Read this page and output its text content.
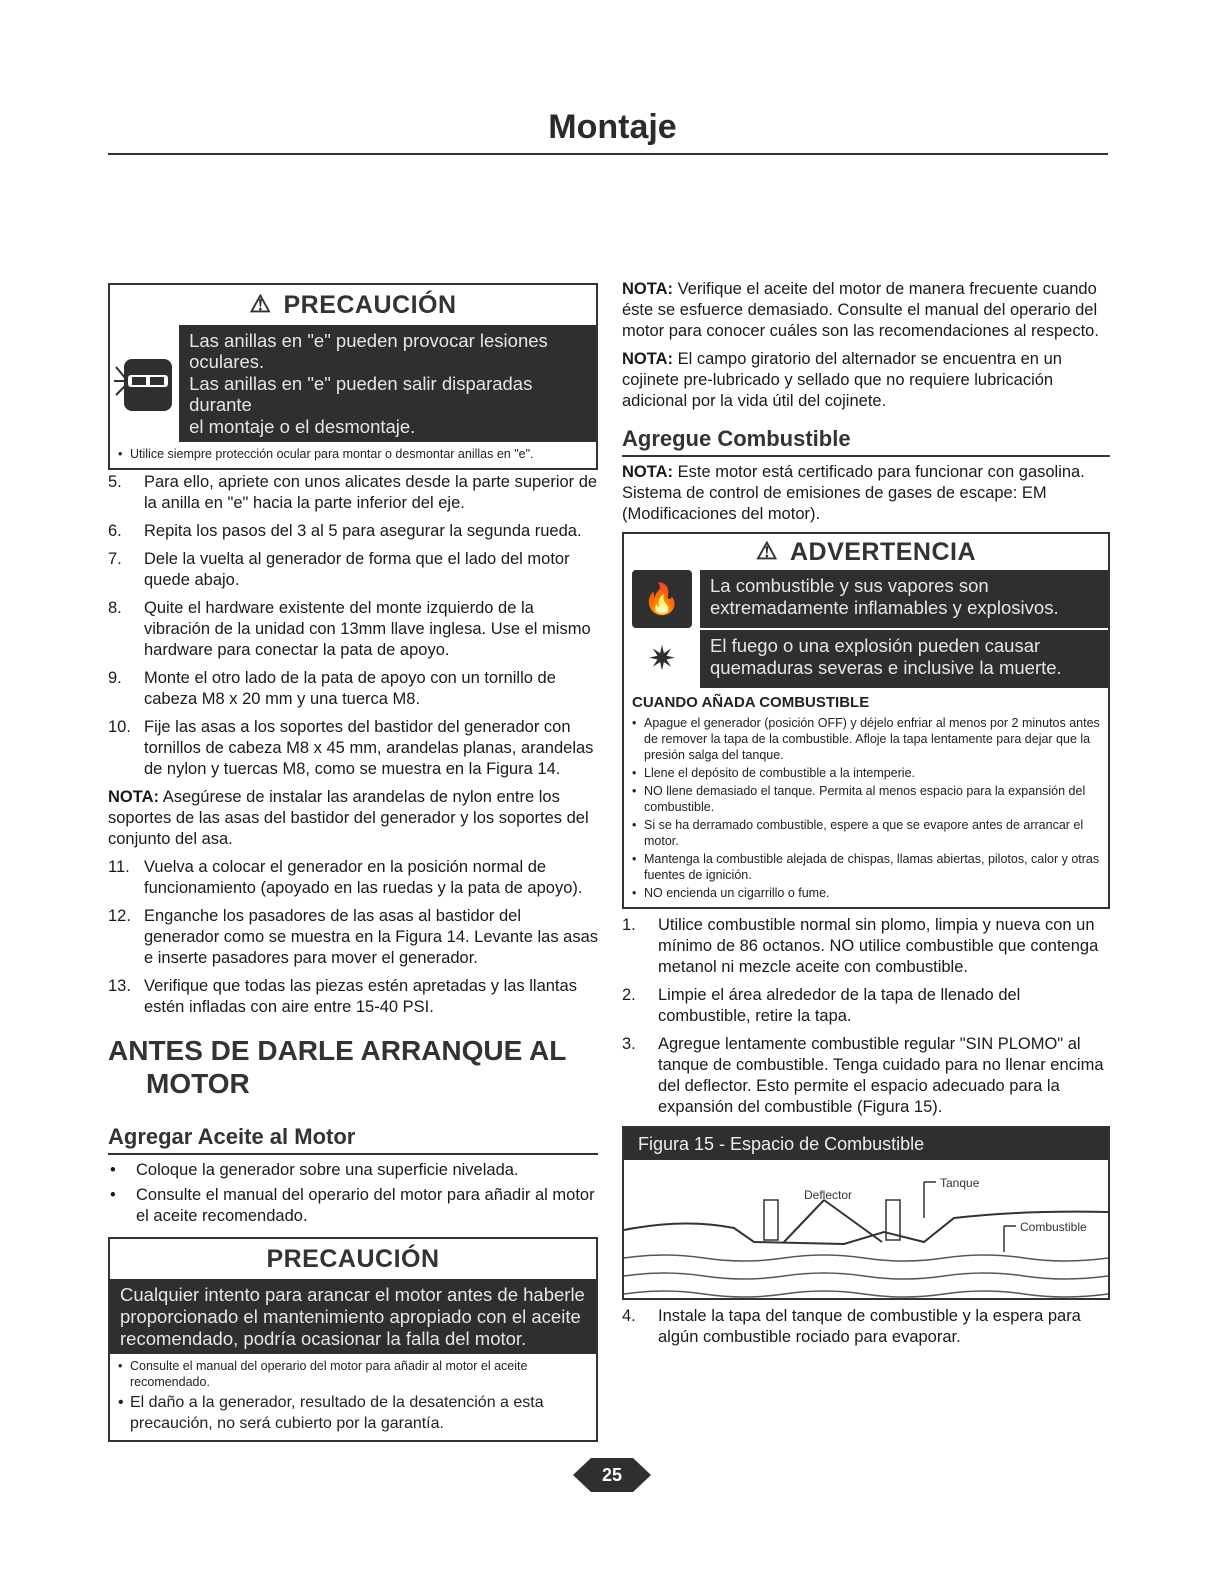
Montaje
⚠ PRECAUCIÓN
Las anillas en "e" pueden provocar lesiones oculares.
Las anillas en "e" pueden salir disparadas durante
el montaje o el desmontaje.
• Utilice siempre protección ocular para montar o desmontar anillas en "e".
5.	Para ello, apriete con unos alicates desde la parte superior de la anilla en "e" hacia la parte inferior del eje.
6.	Repita los pasos del 3 al 5 para asegurar la segunda rueda.
7.	Dele la vuelta al generador de forma que el lado del motor quede abajo.
8.	Quite el hardware existente del monte izquierdo de la vibración de la unidad con 13mm llave inglesa. Use el mismo hardware para conectar la pata de apoyo.
9.	Monte el otro lado de la pata de apoyo con un tornillo de cabeza M8 x 20 mm y una tuerca M8.
10. Fije las asas a los soportes del bastidor del generador con tornillos de cabeza M8 x 45 mm, arandelas planas, arandelas de nylon y tuercas M8, como se muestra en la Figura 14.

NOTA: Asegúrese de instalar las arandelas de nylon entre los soportes de las asas del bastidor del generador y los soportes del conjunto del asa.

11. Vuelva a colocar el generador en la posición normal de funcionamiento (apoyado en las ruedas y la pata de apoyo).
12. Enganche los pasadores de las asas al bastidor del generador como se muestra en la Figura 14. Levante las asas e inserte pasadores para mover el generador.
13. Verifique que todas las piezas estén apretadas y las llantas estén infladas con aire entre 15-40 PSI.
ANTES DE DARLE ARRANQUE AL
MOTOR
Agregar Aceite al Motor
• Coloque la generador sobre una superficie nivelada.
• Consulte el manual del operario del motor para añadir al motor el aceite recomendado.
PRECAUCIÓN
Cualquier intento para arancar el motor antes de haberle
proporcionado el mantenimiento apropiado con el aceite
recomendado, podría ocasionar la falla del motor.
• Consulte el manual del operario del motor para añadir al motor el aceite recomendado.
• El daño a la generador, resultado de la desatención a esta precaución, no será cubierto por la garantía.

NOTA: Verifique el aceite del motor de manera frecuente cuando éste se esfuerce demasiado. Consulte el manual del operario del motor para conocer cuáles son las recomendaciones al respecto.

NOTA: El campo giratorio del alternador se encuentra en un cojinete pre-lubricado y sellado que no requiere lubricación adicional por la vida útil del cojinete.

Agregue Combustible

NOTA: Este motor está certificado para funcionar con gasolina. Sistema de control de emisiones de gases de escape: EM (Modificaciones del motor).

⚠ ADVERTENCIA
🔥	La combustible y sus vapores son
extremadamente inflamables y explosivos.
✷	El fuego o una explosión pueden causar
quemaduras severas e inclusive la muerte.
CUANDO AÑADA COMBUSTIBLE
• Apague el generador (posición OFF) y déjelo enfriar al menos por 2 minutos antes de remover la tapa de la combustible. Afloje la tapa lentamente para dejar que la presión salga del tanque.
• Llene el depósito de combustible a la intemperie.
• NO llene demasiado el tanque. Permita al menos espacio para la expansión del combustible.
• Si se ha derramado combustible, espere a que se evapore antes de arrancar el motor.
• Mantenga la combustible alejada de chispas, llamas abiertas, pilotos, calor y otras fuentes de ignición.
• NO encienda un cigarrillo o fume.
1.	Utilice combustible normal sin plomo, limpia y nueva con un mínimo de 86 octanos. NO utilice combustible que contenga metanol ni mezcle aceite con combustible.
2.	Limpie el área alrededor de la tapa de llenado del combustible, retire la tapa.
3.	Agregue lentamente combustible regular "SIN PLOMO" al tanque de combustible. Tenga cuidado para no llenar encima del deflector. Esto permite el espacio adecuado para la expansión del combustible (Figura 15).
Figura 15 - Espacio de Combustible
Deflector
Tanque
Combustible
4.	Instale la tapa del tanque de combustible y la espera para algún combustible rociado para evaporar.
25
